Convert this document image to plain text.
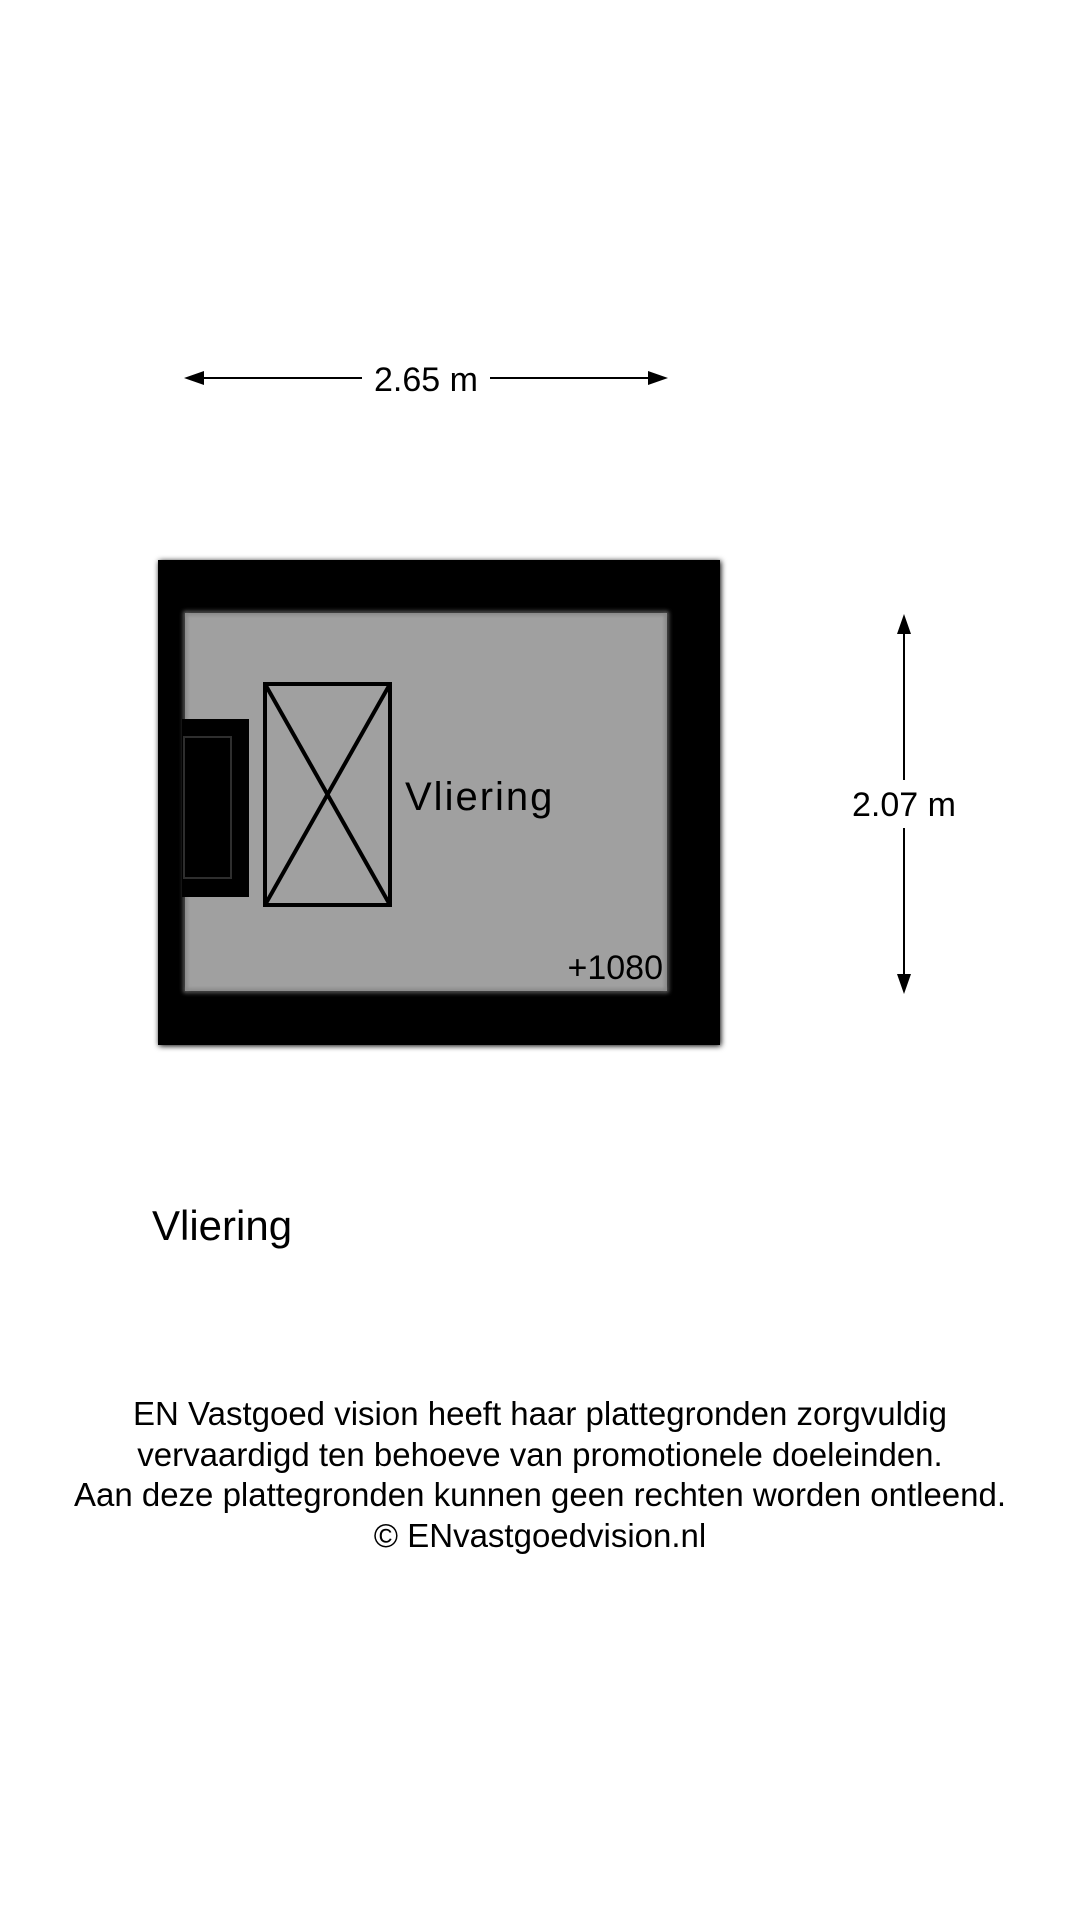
2.65 m
2.07 m
Vliering
+1080
Vliering
EN Vastgoed vision heeft haar plattegronden zorgvuldig
vervaardigd ten behoeve van promotionele doeleinden.
Aan deze plattegronden kunnen geen rechten worden ontleend.
© ENvastgoedvision.nl
